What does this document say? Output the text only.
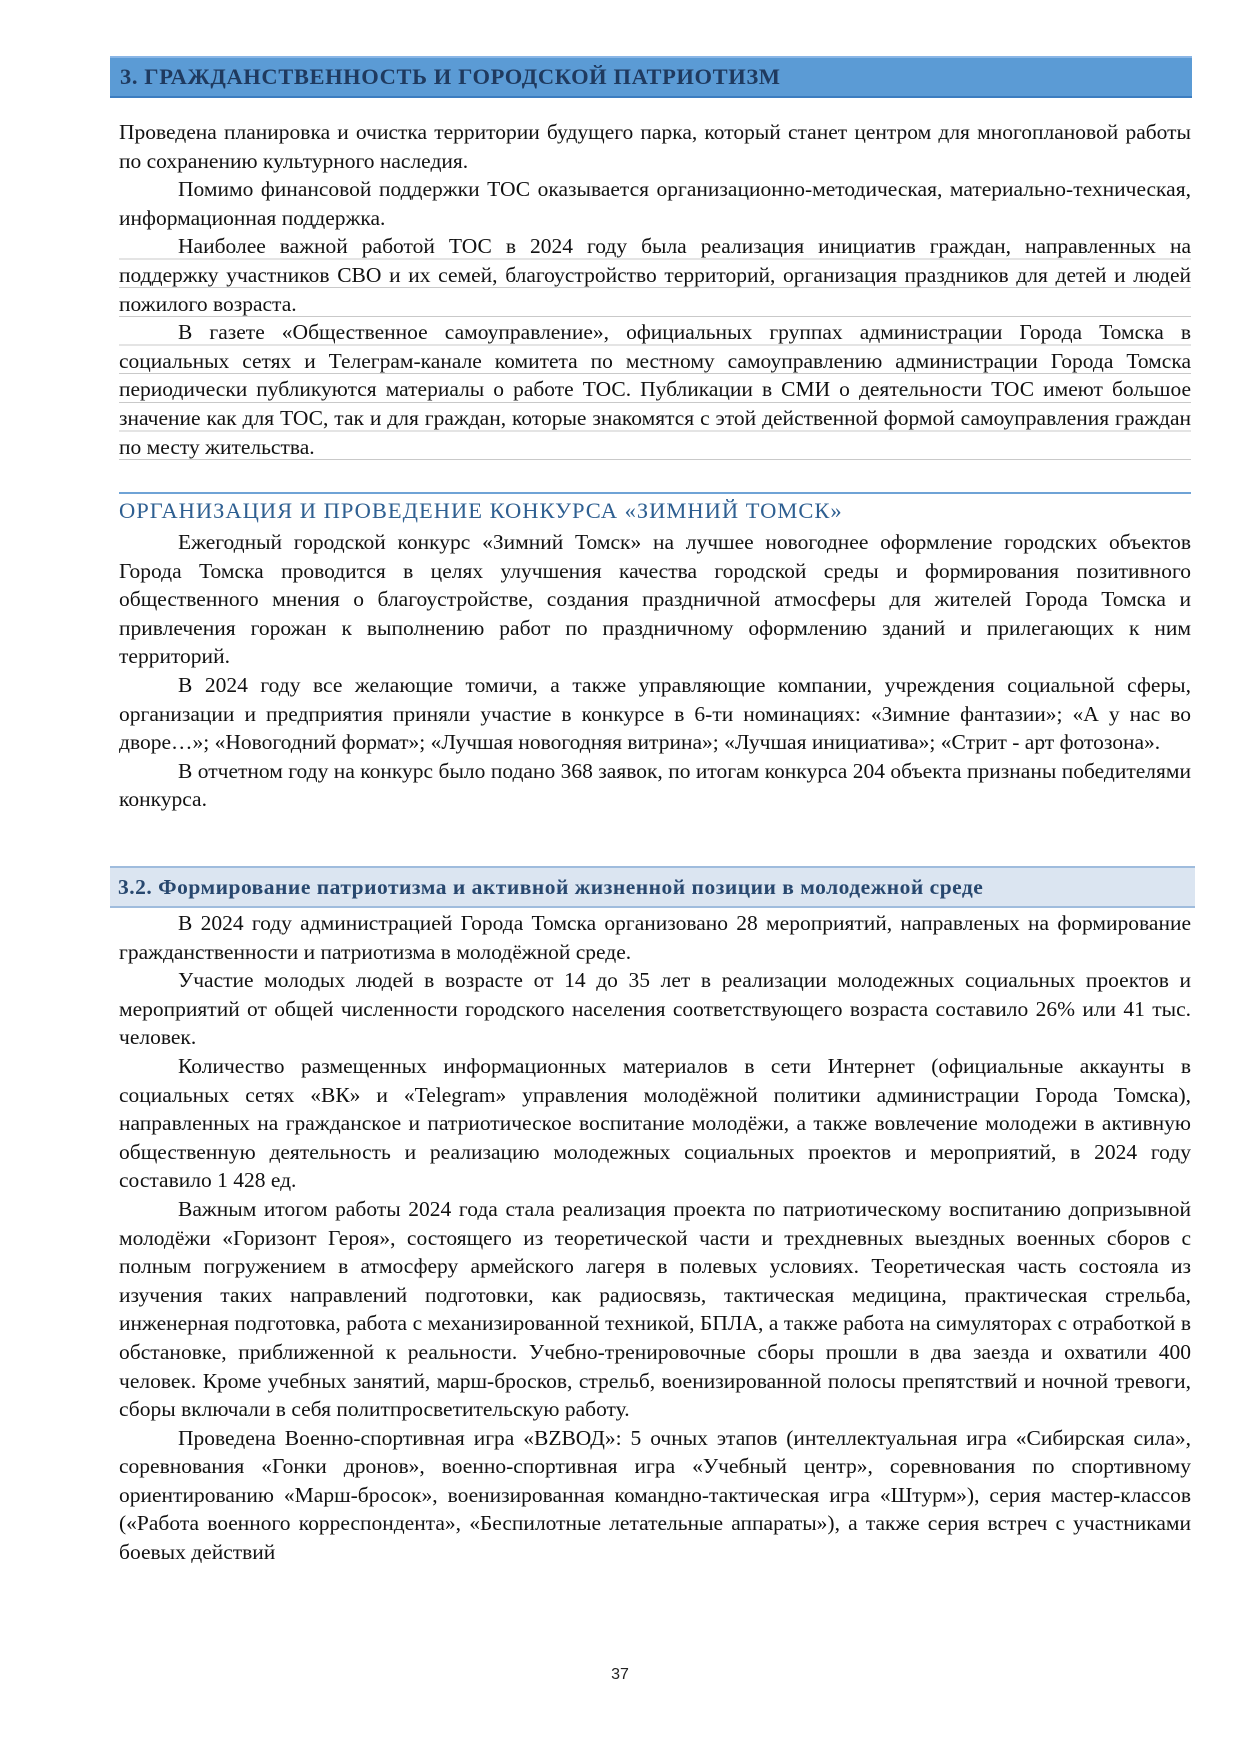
3. ГРАЖДАНСТВЕННОСТЬ И ГОРОДСКОЙ ПАТРИОТИЗМ

Проведена планировка и очистка территории будущего парка, который станет центром для многоплановой работы по сохранению культурного наследия.

Помимо финансовой поддержки ТОС оказывается организационно-методическая, материально-техническая, информационная поддержка.

Наиболее важной работой ТОС в 2024 году была реализация инициатив граждан, направленных на поддержку участников СВО и их семей, благоустройство территорий, организация праздников для детей и людей пожилого возраста.

В газете «Общественное самоуправление», официальных группах администрации Города Томска в социальных сетях и Телеграм-канале комитета по местному самоуправлению администрации Города Томска периодически публикуются материалы о работе ТОС. Публикации в СМИ о деятельности ТОС имеют большое значение как для ТОС, так и для граждан, которые знакомятся с этой действенной формой самоуправления граждан по месту жительства.

ОРГАНИЗАЦИЯ И ПРОВЕДЕНИЕ КОНКУРСА «ЗИМНИЙ ТОМСК»

Ежегодный городской конкурс «Зимний Томск» на лучшее новогоднее оформление городских объектов Города Томска проводится в целях улучшения качества городской среды и формирования позитивного общественного мнения о благоустройстве, создания праздничной атмосферы для жителей Города Томска и привлечения горожан к выполнению работ по праздничному оформлению зданий и прилегающих к ним территорий.

В 2024 году все желающие томичи, а также управляющие компании, учреждения социальной сферы, организации и предприятия приняли участие в конкурсе в 6-ти номинациях: «Зимние фантазии»; «А у нас во дворе…»; «Новогодний формат»; «Лучшая новогодняя витрина»; «Лучшая инициатива»; «Стрит - арт фотозона».

В отчетном году на конкурс было подано 368 заявок, по итогам конкурса 204 объекта признаны победителями конкурса.

3.2. Формирование патриотизма и активной жизненной позиции в молодежной среде

В 2024 году администрацией Города Томска организовано 28 мероприятий, направленых на формирование гражданственности и патриотизма в молодёжной среде.

Участие молодых людей в возрасте от 14 до 35 лет в реализации молодежных социальных проектов и мероприятий от общей численности городского населения соответствующего возраста составило 26% или 41 тыс. человек.

Количество размещенных информационных материалов в сети Интернет (официальные аккаунты в социальных сетях «ВК» и «Telegram» управления молодёжной политики администрации Города Томска), направленных на гражданское и патриотическое воспитание молодёжи, а также вовлечение молодежи в активную общественную деятельность и реализацию молодежных социальных проектов и мероприятий, в 2024 году составило 1 428 ед.

Важным итогом работы 2024 года стала реализация проекта по патриотическому воспитанию допризывной молодёжи «Горизонт Героя», состоящего из теоретической части и трехдневных выездных военных сборов с полным погружением в атмосферу армейского лагеря в полевых условиях. Теоретическая часть состояла из изучения таких направлений подготовки, как радиосвязь, тактическая медицина, практическая стрельба, инженерная подготовка, работа с механизированной техникой, БПЛА, а также работа на симуляторах с отработкой в обстановке, приближенной к реальности. Учебно-тренировочные сборы прошли в два заезда и охватили 400 человек. Кроме учебных занятий, марш-бросков, стрельб, военизированной полосы препятствий и ночной тревоги, сборы включали в себя политпросветительскую работу.

Проведена Военно-спортивная игра «BZВОД»: 5 очных этапов (интеллектуальная игра «Сибирская сила», соревнования «Гонки дронов», военно-спортивная игра «Учебный центр», соревнования по спортивному ориентированию «Марш-бросок», военизированная командно-тактическая игра «Штурм»), серия мастер-классов («Работа военного корреспондента», «Беспилотные летательные аппараты»), а также серия встреч с участниками боевых действий

37
